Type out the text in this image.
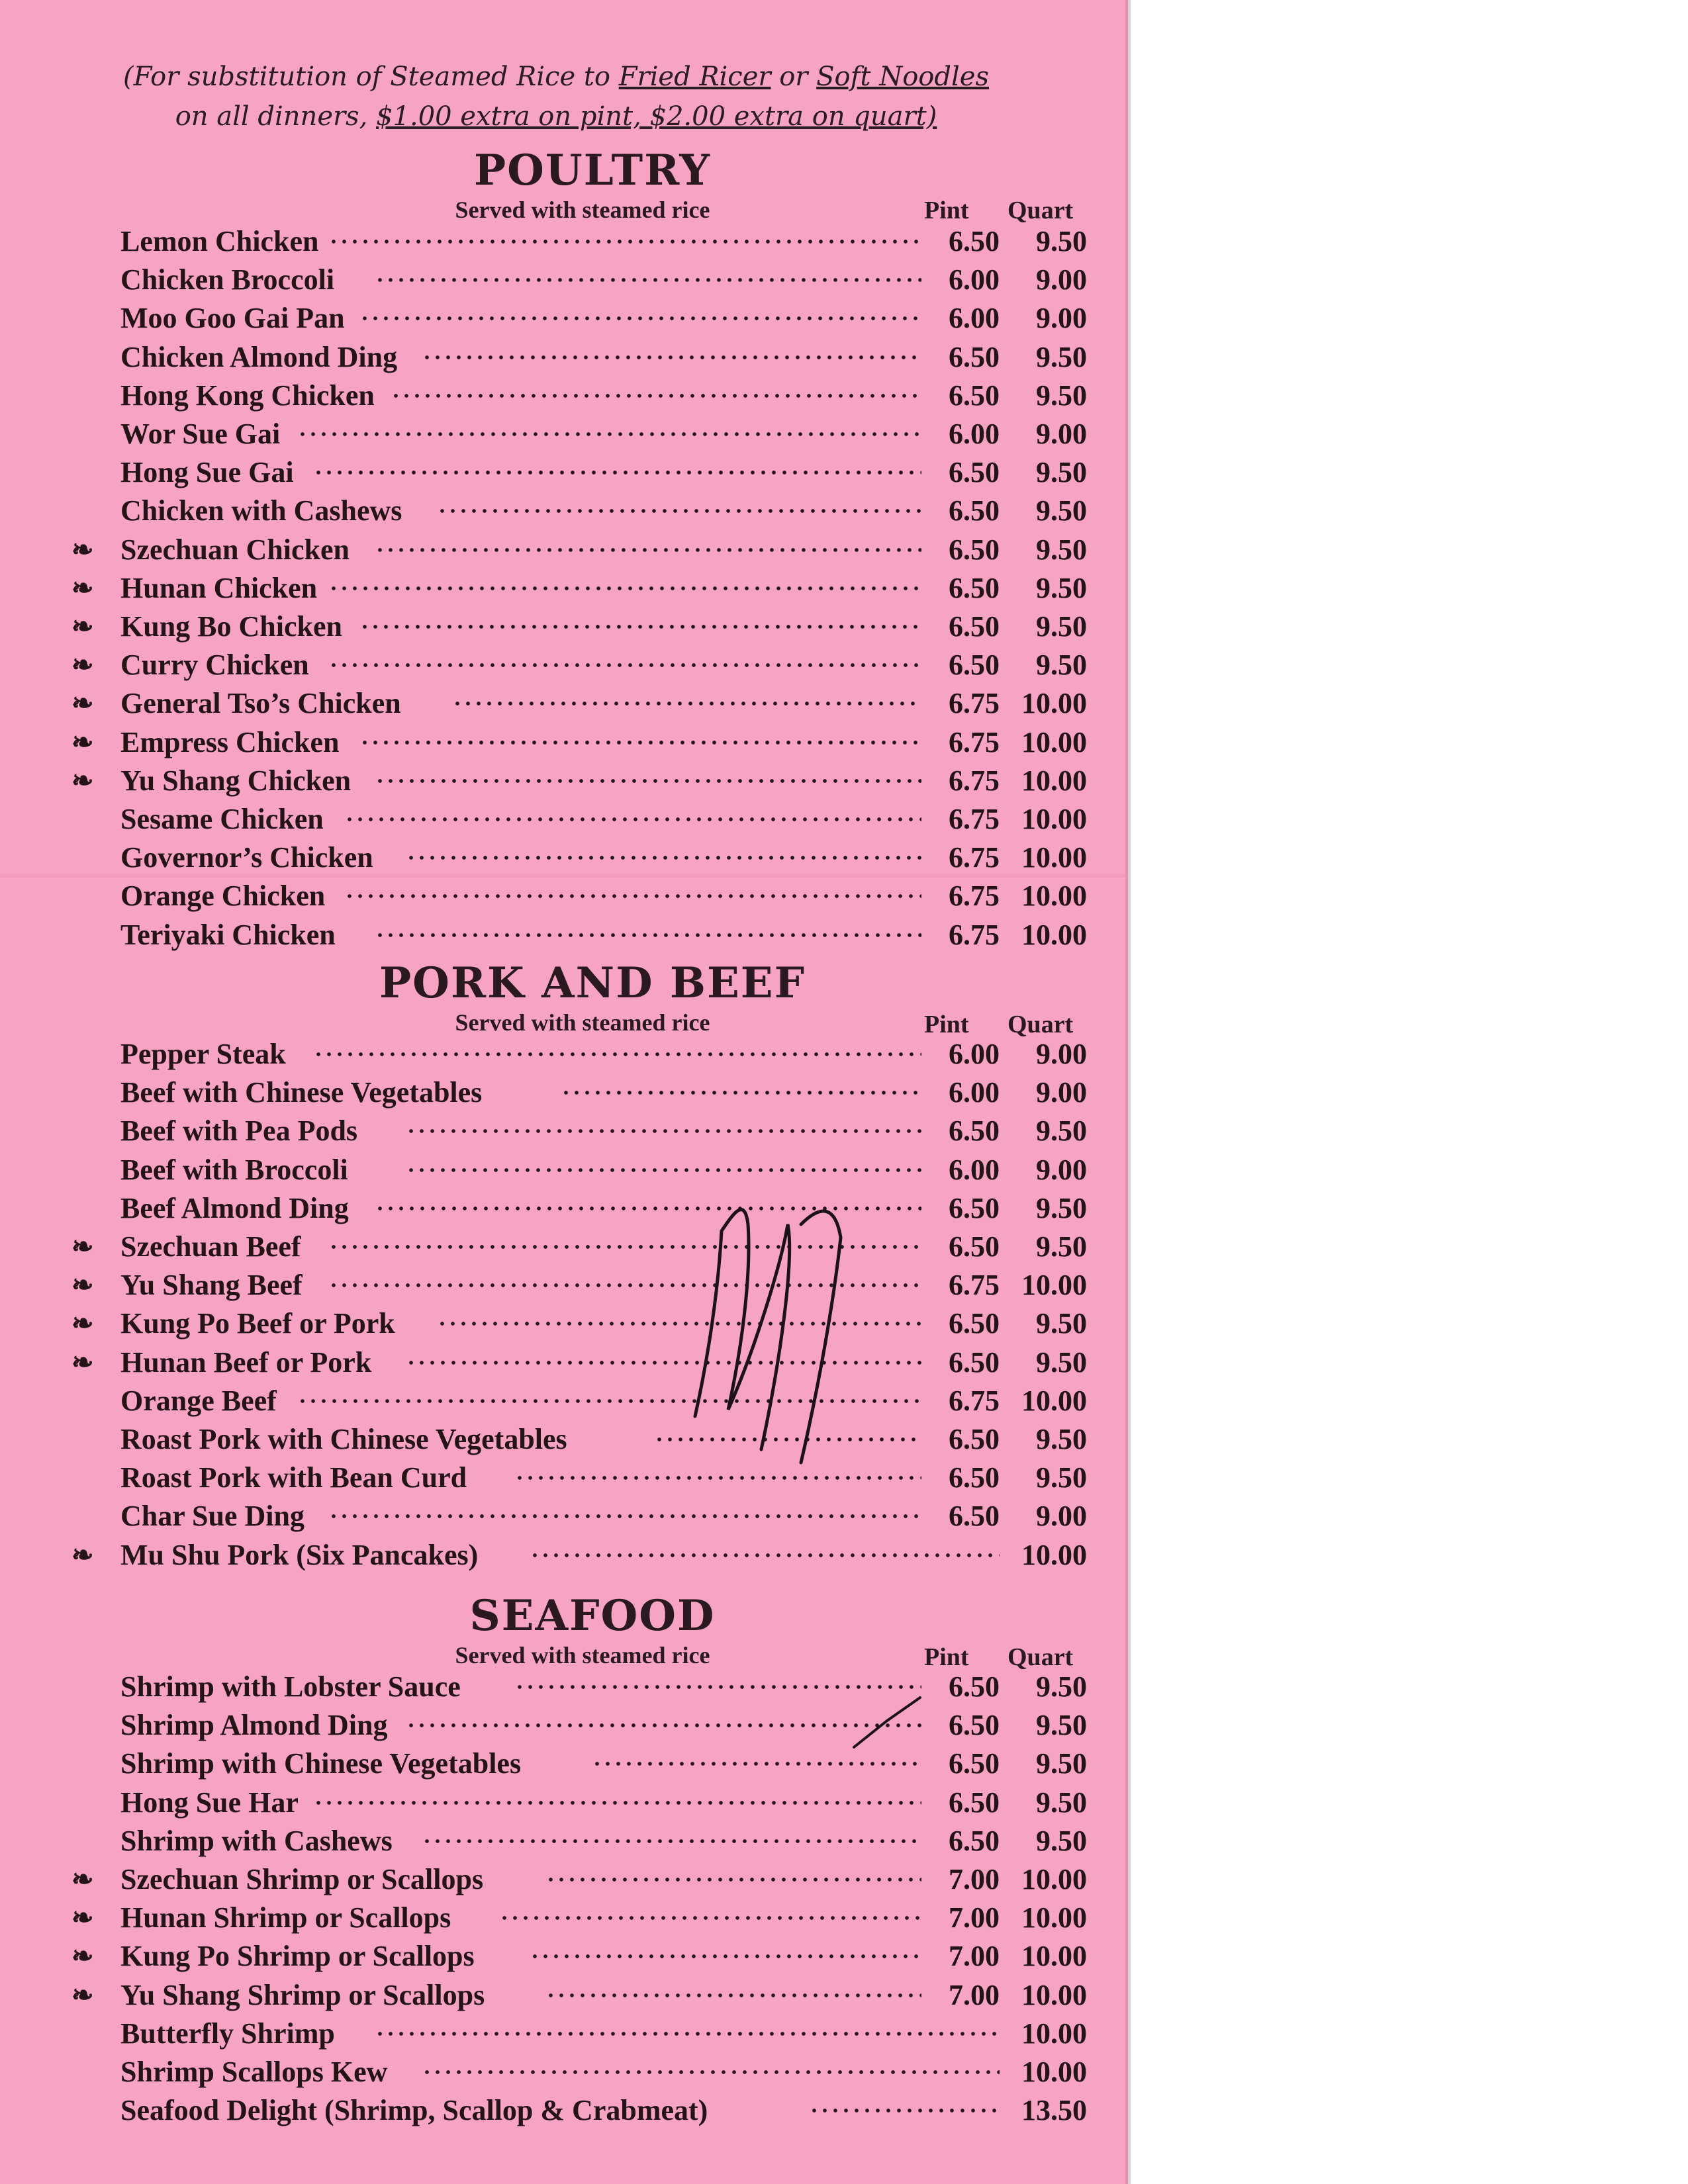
(For substitution of Steamed Rice to Fried Ricer or Soft Noodles
on all dinners, $1.00 extra on pint, $2.00 extra on quart)
POULTRY
Served with steamed rice	Pint Quart
Lemon Chicken	6.50	9.50
Chicken Broccoli	6.00	9.00
Moo Goo Gai Pan	6.00	9.00
Chicken Almond Ding	6.50	9.50
Hong Kong Chicken	6.50	9.50
Wor Sue Gai	6.00	9.00
Hong Sue Gai	6.50	9.50
Chicken with Cashews	6.50	9.50
❧ Szechuan Chicken	6.50	9.50
❧ Hunan Chicken	6.50	9.50
❧ Kung Bo Chicken	6.50	9.50
❧ Curry Chicken	6.50	9.50
❧ General Tso’s Chicken	6.75 10.00
❧ Empress Chicken	6.75 10.00
❧ Yu Shang Chicken	6.75 10.00
Sesame Chicken	6.75 10.00
Governor’s Chicken	6.75 10.00
Orange Chicken	6.75 10.00
Teriyaki Chicken	6.75 10.00
PORK AND BEEF
Served with steamed rice	Pint Quart
Pepper Steak	6.00	9.00
Beef with Chinese Vegetables	6.00	9.00
Beef with Pea Pods	6.50	9.50
Beef with Broccoli	6.00	9.00
Beef Almond Ding	6.50	9.50
❧ Szechuan Beef	6.50	9.50
❧ Yu Shang Beef	6.75 10.00
❧ Kung Po Beef or Pork	6.50	9.50
❧ Hunan Beef or Pork	6.50	9.50
Orange Beef	6.75 10.00
Roast Pork with Chinese Vegetables	6.50	9.50
Roast Pork with Bean Curd	6.50	9.50
Char Sue Ding	6.50	9.00
❧ Mu Shu Pork (Six Pancakes)	10.00
SEAFOOD
Served with steamed rice	Pint Quart
Shrimp with Lobster Sauce	6.50	9.50
Shrimp Almond Ding	6.50	9.50
Shrimp with Chinese Vegetables	6.50	9.50
Hong Sue Har	6.50	9.50
Shrimp with Cashews	6.50	9.50
❧ Szechuan Shrimp or Scallops	7.00 10.00
❧ Hunan Shrimp or Scallops	7.00 10.00
❧ Kung Po Shrimp or Scallops	7.00 10.00
❧ Yu Shang Shrimp or Scallops	7.00 10.00
Butterfly Shrimp	10.00
Shrimp Scallops Kew	10.00
Seafood Delight (Shrimp, Scallop & Crabmeat)	13.50
